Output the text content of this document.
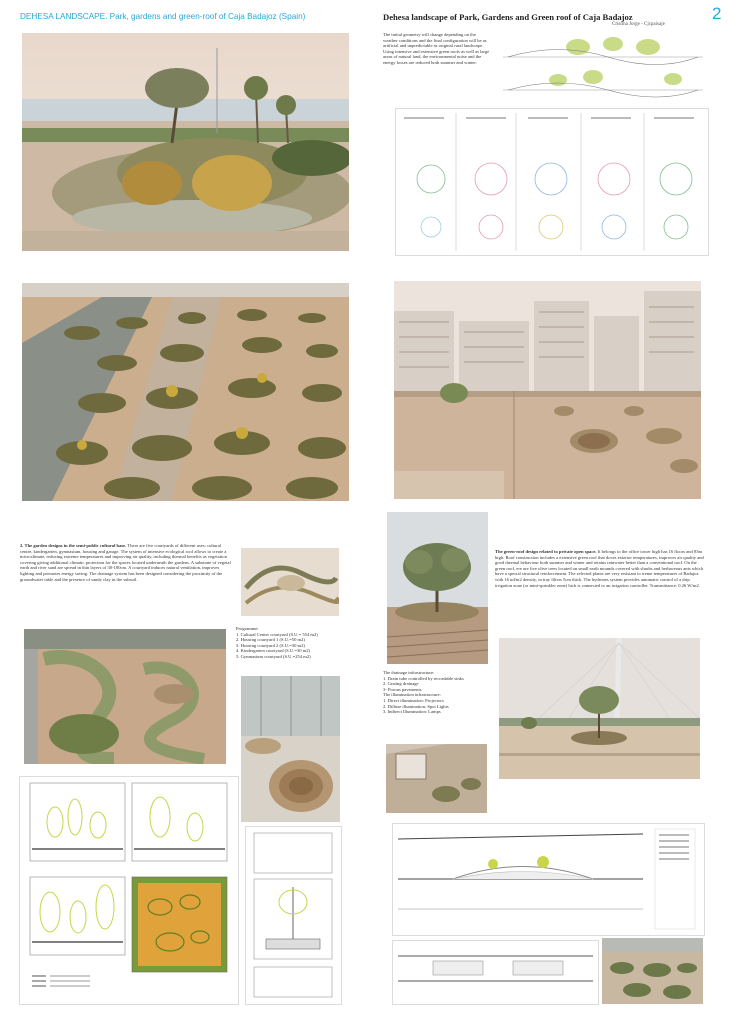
DEHESA LANDSCAPE. Park, gardens and green-roof of Caja Badajoz (Spain)	Dehesa landscape of Park, Gardens and Green roof of Caja Badajoz
Cristina Jorge - Cjcpaisaje
2
2. The garden designs in the semi-public cultural base. There are five courtyards of different uses: cultural centre, kindergarten, gymnasium, housing and garage. The system of intensive ecological roof allows to create a microclimate, reducing extreme temperatures and improving air quality, including thermal benefits as vegetation covering giving additional climatic protection for the spaces located underneath the gardens. A substrate of vegetal earth and river sand are spread in thin layers of 30-100cm. A courtyard induces natural ventilation, improves lighting and promotes energy saving. The drainage system has been designed considering the proximity of the groundwater table and the presence of sandy clay in the subsoil.
Programme:
1. Cultural Center courtyard (S.U.= 554 m2)
2. Housing courtyard 1 (S.U.=50 m2)
3. Housing courtyard 2 (S.U.=30 m2)
4. Kindergarten courtyard (S.U.=30 m2)
5. Gymnasium courtyard (S.U.=254 m2)
The initial geometry will change depending on the weather conditions and the final configuration will be as artificial and unpredictable as original rural landscape. Using intensive and extensive green roofs as well as large areas of natural land, the environmental noise and the energy losses are reduced both summer and winter.
The green-roof design related to private open space. It belongs to the office tower high has 16 floors and 83m high. Roof construction includes a extensive green roof that doces exterior temperatures, improves air quality and good thermal behaviour both summer and winter and retains rainwater better than a conventional roof. On the green roof, ere are five olive trees located on small earth mounds covered with shrubs and herbaceous ants which have a special structural reinforcement. The selected plants are very resistant to treme temperatures of Badajoz with 16 ud/m2 density, in tray filters 5cm thick. The hydrones system provides automatic control of a drip irrigation zone (or mini-sprinkler zone) hich is connected to an irrigation controller. Transmittance: 0.26 W/m2.
The drainage infrastructure:
1. Drain tube controlled by recordable sinks
2. Grating drainage
3- Porous pavements
The illumination infrastructure:
1. Direct illumination: Projectors
2. Diffuse illumination: Spot Lights
3. Indirect Illumination: Lamps
